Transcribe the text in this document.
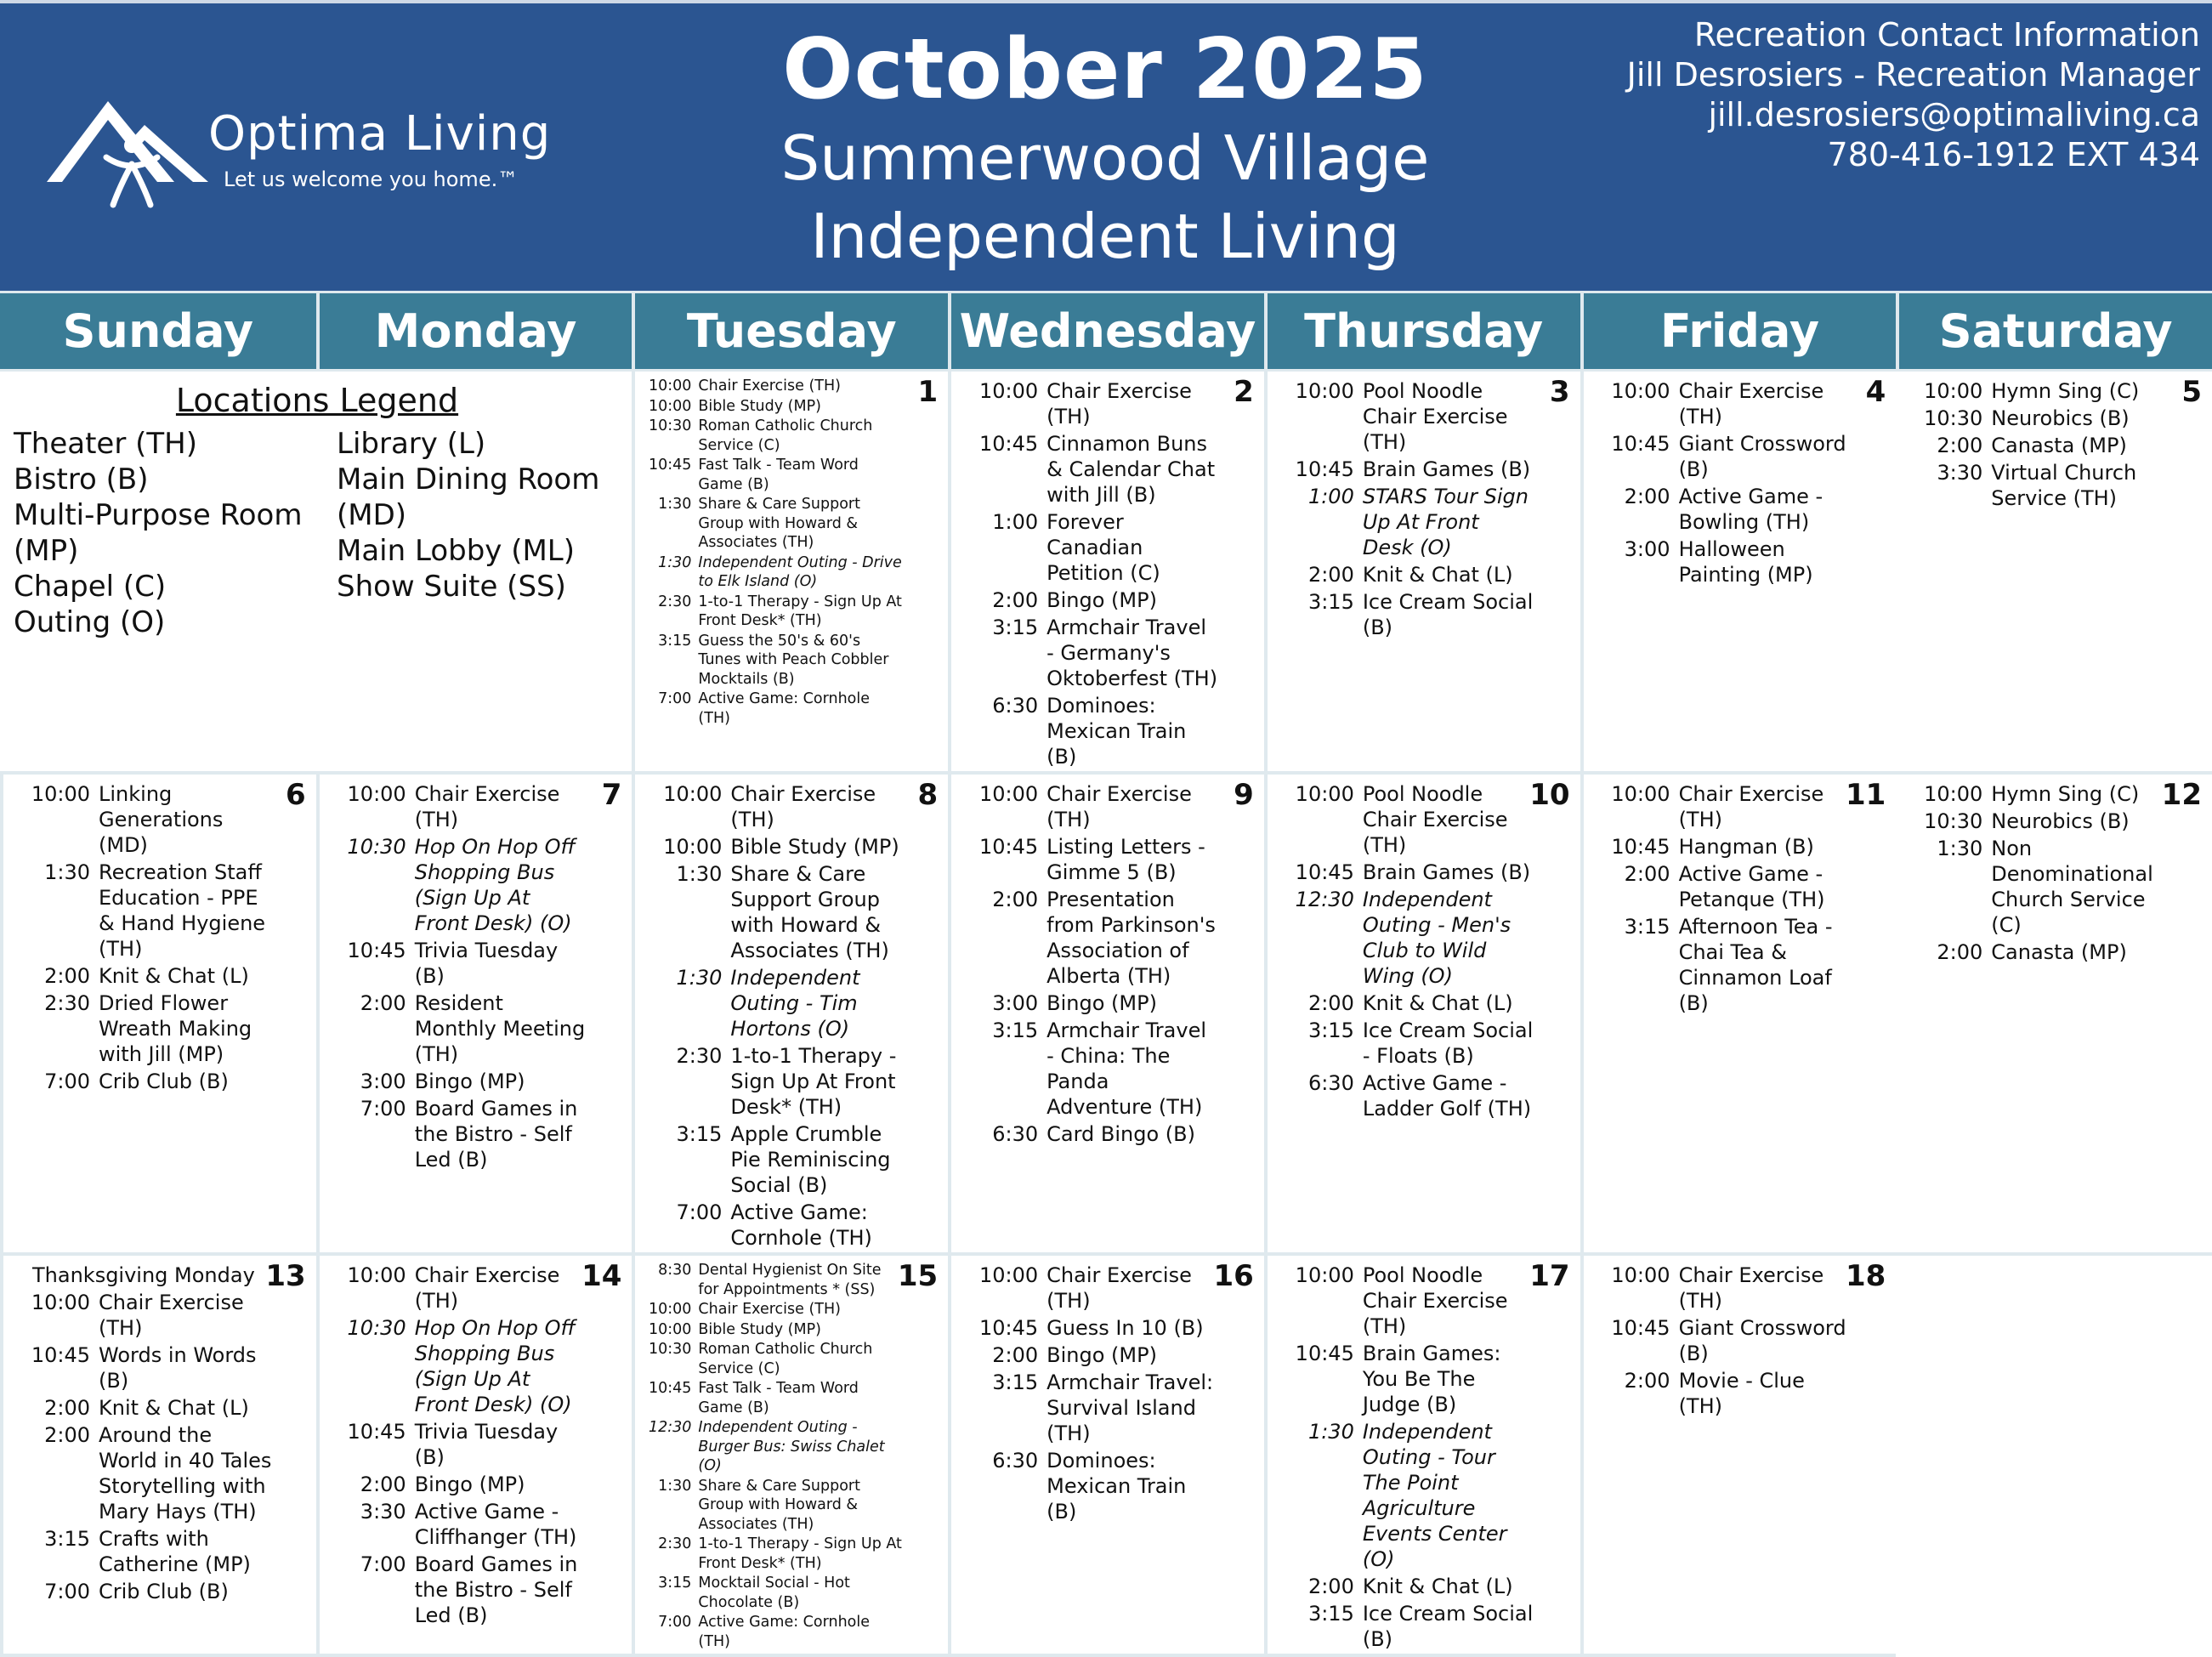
Optima Living
Let us welcome you home.™
October 2025
Summerwood Village
Independent Living
Recreation Contact Information
Jill Desrosiers - Recreation Manager
jill.desrosiers@optimaliving.ca
780-416-1912 EXT 434
Sunday	Monday	Tuesday	Wednesday	Thursday	Friday	Saturday
Locations Legend
Theater (TH)
Bistro (B)
Multi-Purpose Room (MP)
Chapel (C)
Outing (O)
Library (L)
Main Dining Room (MD)
Main Lobby (ML)
Show Suite (SS)
1
10:00 Chair Exercise (TH)
10:00 Bible Study (MP)
10:30 Roman Catholic Church Service (C)
10:45 Fast Talk - Team Word Game (B)
1:30 Share & Care Support Group with Howard & Associates (TH)
1:30 Independent Outing - Drive to Elk Island (O)
2:30 1-to-1 Therapy - Sign Up At Front Desk* (TH)
3:15 Guess the 50's & 60's Tunes with Peach Cobbler Mocktails (B)
7:00 Active Game: Cornhole (TH)
2
10:00 Chair Exercise (TH)
10:45 Cinnamon Buns & Calendar Chat with Jill (B)
1:00 Forever Canadian Petition (C)
2:00 Bingo (MP)
3:15 Armchair Travel - Germany's Oktoberfest (TH)
6:30 Dominoes: Mexican Train (B)
3
10:00 Pool Noodle Chair Exercise (TH)
10:45 Brain Games (B)
1:00 STARS Tour Sign Up At Front Desk (O)
2:00 Knit & Chat (L)
3:15 Ice Cream Social (B)
4
10:00 Chair Exercise (TH)
10:45 Giant Crossword (B)
2:00 Active Game - Bowling (TH)
3:00 Halloween Painting (MP)
5
10:00 Hymn Sing (C)
10:30 Neurobics (B)
2:00 Canasta (MP)
3:30 Virtual Church Service (TH)
6
10:00 Linking Generations (MD)
1:30 Recreation Staff Education - PPE & Hand Hygiene (TH)
2:00 Knit & Chat (L)
2:30 Dried Flower Wreath Making with Jill (MP)
7:00 Crib Club (B)
7
10:00 Chair Exercise (TH)
10:30 Hop On Hop Off Shopping Bus (Sign Up At Front Desk) (O)
10:45 Trivia Tuesday (B)
2:00 Resident Monthly Meeting (TH)
3:00 Bingo (MP)
7:00 Board Games in the Bistro - Self Led (B)
8
10:00 Chair Exercise (TH)
10:00 Bible Study (MP)
1:30 Share & Care Support Group with Howard & Associates (TH)
1:30 Independent Outing - Tim Hortons (O)
2:30 1-to-1 Therapy - Sign Up At Front Desk* (TH)
3:15 Apple Crumble Pie Reminiscing Social (B)
7:00 Active Game: Cornhole (TH)
9
10:00 Chair Exercise (TH)
10:45 Listing Letters - Gimme 5 (B)
2:00 Presentation from Parkinson's Association of Alberta (TH)
3:00 Bingo (MP)
3:15 Armchair Travel - China: The Panda Adventure (TH)
6:30 Card Bingo (B)
10
10:00 Pool Noodle Chair Exercise (TH)
10:45 Brain Games (B)
12:30 Independent Outing - Men's Club to Wild Wing (O)
2:00 Knit & Chat (L)
3:15 Ice Cream Social - Floats (B)
6:30 Active Game - Ladder Golf (TH)
11
10:00 Chair Exercise (TH)
10:45 Hangman (B)
2:00 Active Game - Petanque (TH)
3:15 Afternoon Tea - Chai Tea & Cinnamon Loaf (B)
12
10:00 Hymn Sing (C)
10:30 Neurobics (B)
1:30 Non Denominational Church Service (C)
2:00 Canasta (MP)
13
Thanksgiving Monday
10:00 Chair Exercise (TH)
10:45 Words in Words (B)
2:00 Knit & Chat (L)
2:00 Around the World in 40 Tales Storytelling with Mary Hays (TH)
3:15 Crafts with Catherine (MP)
7:00 Crib Club (B)
14
10:00 Chair Exercise (TH)
10:30 Hop On Hop Off Shopping Bus (Sign Up At Front Desk) (O)
10:45 Trivia Tuesday (B)
2:00 Bingo (MP)
3:30 Active Game - Cliffhanger (TH)
7:00 Board Games in the Bistro - Self Led (B)
15
8:30 Dental Hygienist On Site for Appointments * (SS)
10:00 Chair Exercise (TH)
10:00 Bible Study (MP)
10:30 Roman Catholic Church Service (C)
10:45 Fast Talk - Team Word Game (B)
12:30 Independent Outing - Burger Bus: Swiss Chalet (O)
1:30 Share & Care Support Group with Howard & Associates (TH)
2:30 1-to-1 Therapy - Sign Up At Front Desk* (TH)
3:15 Mocktail Social - Hot Chocolate (B)
7:00 Active Game: Cornhole (TH)
16
10:00 Chair Exercise (TH)
10:45 Guess In 10 (B)
2:00 Bingo (MP)
3:15 Armchair Travel: Survival Island (TH)
6:30 Dominoes: Mexican Train (B)
17
10:00 Pool Noodle Chair Exercise (TH)
10:45 Brain Games: You Be The Judge (B)
1:30 Independent Outing - Tour The Point Agriculture Events Center (O)
2:00 Knit & Chat (L)
3:15 Ice Cream Social (B)
18
10:00 Chair Exercise (TH)
10:45 Giant Crossword (B)
2:00 Movie - Clue (TH)
